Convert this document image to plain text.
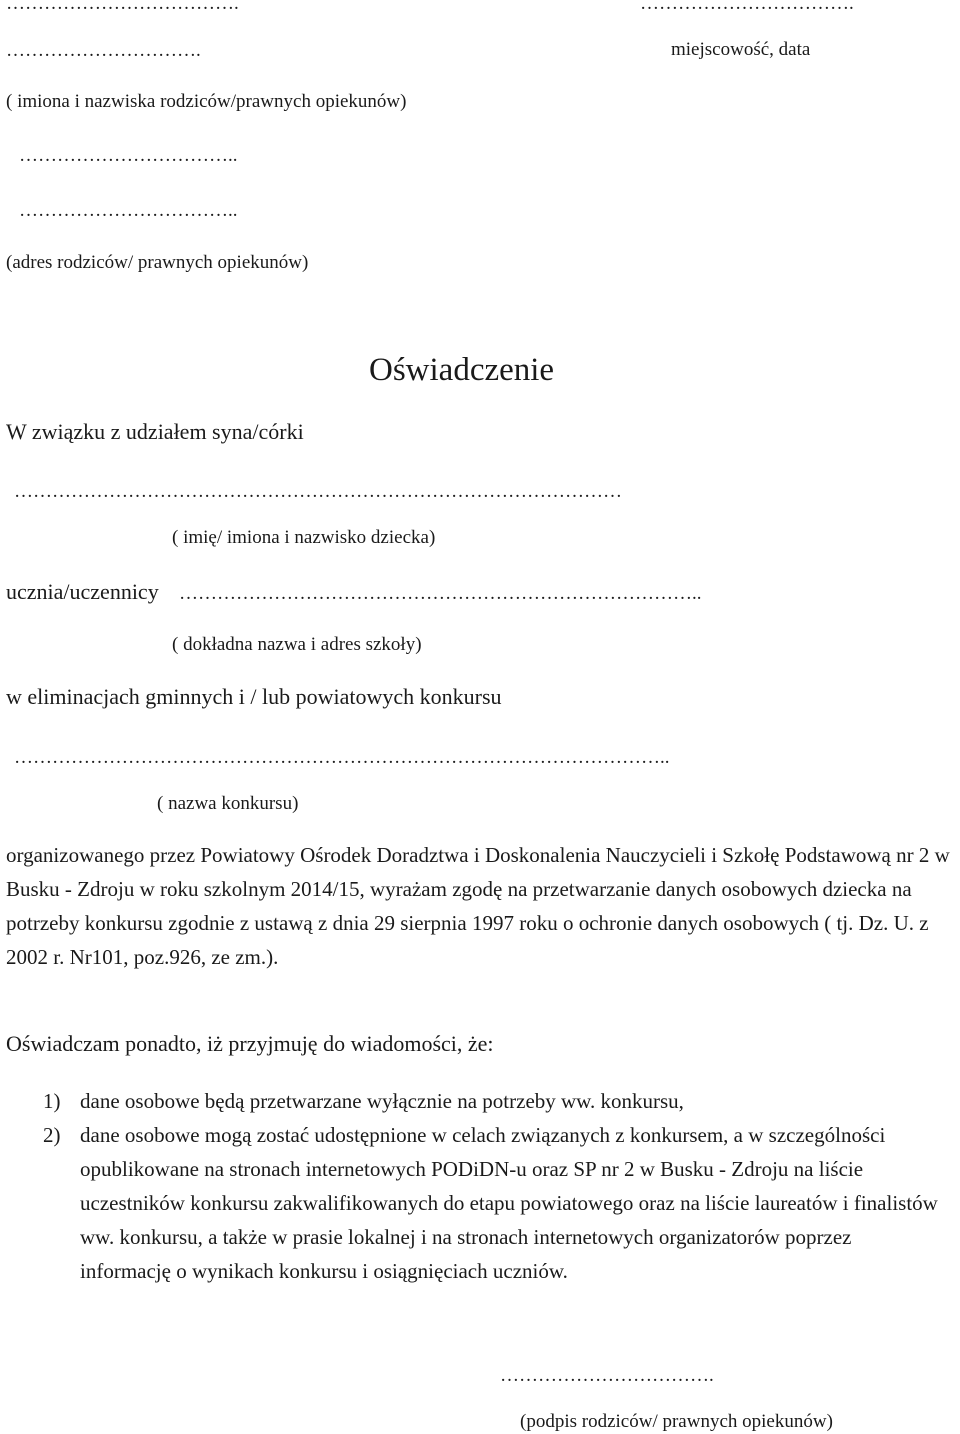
……………………………….	…………………………….
………………………….	miejscowość, data
( imiona i nazwiska rodziców/prawnych opiekunów)
……………………………..
……………………………..
(adres rodziców/ prawnych opiekunów)
Oświadczenie
W związku z udziałem syna/córki
……………………………………………………………………………………
( imię/ imiona i nazwisko dziecka)
ucznia/uczennicy ………………………………………………………………………..
( dokładna nazwa i adres szkoły)
w eliminacjach gminnych i / lub powiatowych konkursu
…………………………………………………………………………………………..
( nazwa konkursu)
organizowanego przez Powiatowy Ośrodek Doradztwa i Doskonalenia Nauczycieli i Szkołę Podstawową nr 2 w Busku - Zdroju w roku szkolnym 2014/15, wyrażam zgodę na przetwarzanie danych osobowych dziecka na potrzeby konkursu zgodnie z ustawą z dnia 29 sierpnia 1997 roku o ochronie danych osobowych ( tj. Dz. U. z 2002 r. Nr101, poz.926, ze zm.).
Oświadczam ponadto, iż przyjmuję do wiadomości, że:
1) dane osobowe będą przetwarzane wyłącznie na potrzeby ww. konkursu,
2) dane osobowe mogą zostać udostępnione w celach związanych z konkursem, a w szczególności opublikowane na stronach internetowych PODiDN-u oraz SP nr 2 w Busku - Zdroju na liście uczestników konkursu zakwalifikowanych do etapu powiatowego oraz na liście laureatów i finalistów ww. konkursu, a także w prasie lokalnej i na stronach internetowych organizatorów poprzez informację o wynikach konkursu i osiągnięciach uczniów.
…………………………….
(podpis rodziców/ prawnych opiekunów)
